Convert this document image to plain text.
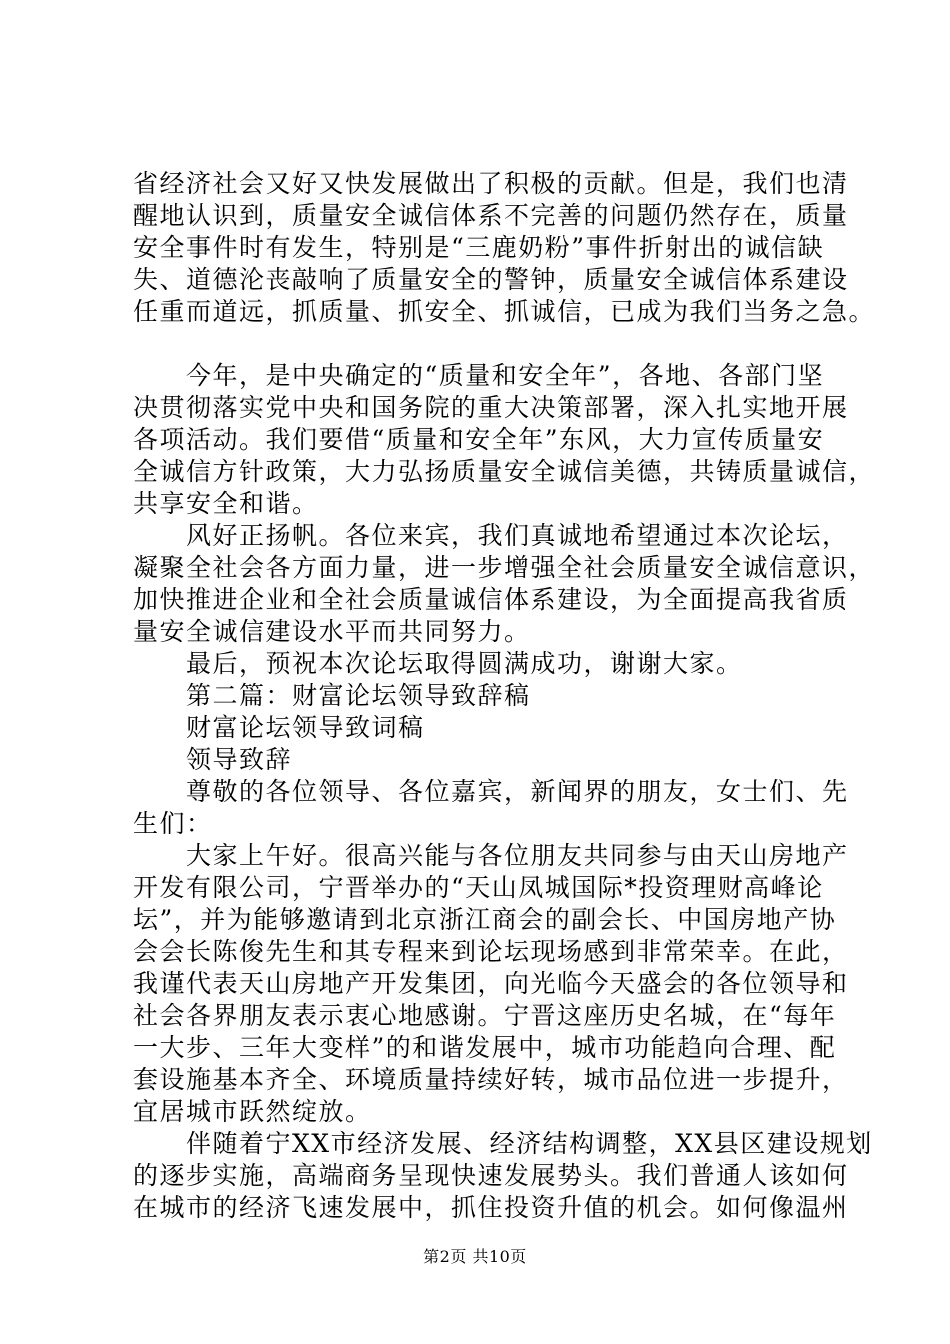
省经济社会又好又快发展做出了积极的贡献。但是，我们也清
醒地认识到，质量安全诚信体系不完善的问题仍然存在，质量
安全事件时有发生，特别是“三鹿奶粉”事件折射出的诚信缺
失、道德沦丧敲响了质量安全的警钟，质量安全诚信体系建设
任重而道远，抓质量、抓安全、抓诚信，已成为我们当务之急。
　　今年，是中央确定的“质量和安全年”，各地、各部门坚
决贯彻落实党中央和国务院的重大决策部署，深入扎实地开展
各项活动。我们要借“质量和安全年”东风，大力宣传质量安
全诚信方针政策，大力弘扬质量安全诚信美德，共铸质量诚信，
共享安全和谐。
　　风好正扬帆。各位来宾，我们真诚地希望通过本次论坛，
凝聚全社会各方面力量，进一步增强全社会质量安全诚信意识，
加快推进企业和全社会质量诚信体系建设，为全面提高我省质
量安全诚信建设水平而共同努力。
　　最后，预祝本次论坛取得圆满成功，谢谢大家。
　　第二篇：财富论坛领导致辞稿
　　财富论坛领导致词稿
　　领导致辞
　　尊敬的各位领导、各位嘉宾，新闻界的朋友，女士们、先
生们：
　　大家上午好。很高兴能与各位朋友共同参与由天山房地产
开发有限公司，宁晋举办的“天山凤城国际*投资理财高峰论
坛”，并为能够邀请到北京浙江商会的副会长、中国房地产协
会会长陈俊先生和其专程来到论坛现场感到非常荣幸。在此，
我谨代表天山房地产开发集团，向光临今天盛会的各位领导和
社会各界朋友表示衷心地感谢。宁晋这座历史名城，在“每年
一大步、三年大变样”的和谐发展中，城市功能趋向合理、配
套设施基本齐全、环境质量持续好转，城市品位进一步提升，
宜居城市跃然绽放。
　　伴随着宁XX市经济发展、经济结构调整，XX县区建设规划
的逐步实施，高端商务呈现快速发展势头。我们普通人该如何
在城市的经济飞速发展中，抓住投资升值的机会。如何像温州
第2页 共10页
